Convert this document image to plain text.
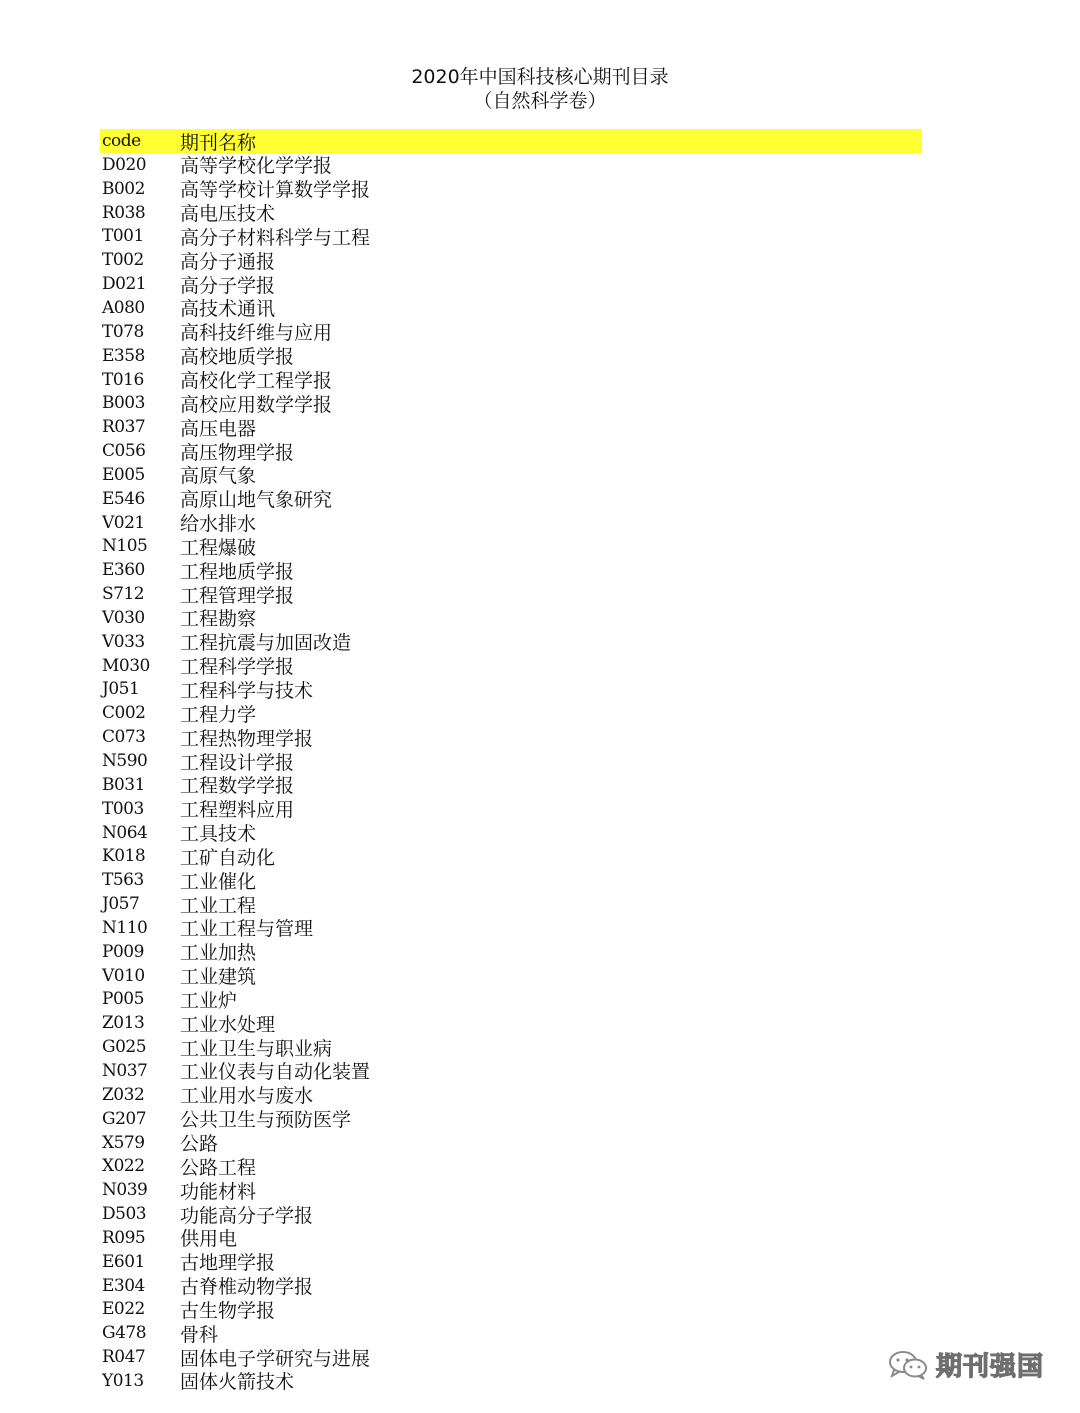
2020年中国科技核心期刊目录
（自然科学卷）
code	期刊名称
D020	高等学校化学学报
B002	高等学校计算数学学报
R038	高电压技术
T001	高分子材料科学与工程
T002	高分子通报
D021	高分子学报
A080	高技术通讯
T078	高科技纤维与应用
E358	高校地质学报
T016	高校化学工程学报
B003	高校应用数学学报
R037	高压电器
C056	高压物理学报
E005	高原气象
E546	高原山地气象研究
V021	给水排水
N105	工程爆破
E360	工程地质学报
S712	工程管理学报
V030	工程勘察
V033	工程抗震与加固改造
M030	工程科学学报
J051	工程科学与技术
C002	工程力学
C073	工程热物理学报
N590	工程设计学报
B031	工程数学学报
T003	工程塑料应用
N064	工具技术
K018	工矿自动化
T563	工业催化
J057	工业工程
N110	工业工程与管理
P009	工业加热
V010	工业建筑
P005	工业炉
Z013	工业水处理
G025	工业卫生与职业病
N037	工业仪表与自动化装置
Z032	工业用水与废水
G207	公共卫生与预防医学
X579	公路
X022	公路工程
N039	功能材料
D503	功能高分子学报
R095	供用电
E601	古地理学报
E304	古脊椎动物学报
E022	古生物学报
G478	骨科
R047	固体电子学研究与进展
Y013	固体火箭技术
期刊强国
